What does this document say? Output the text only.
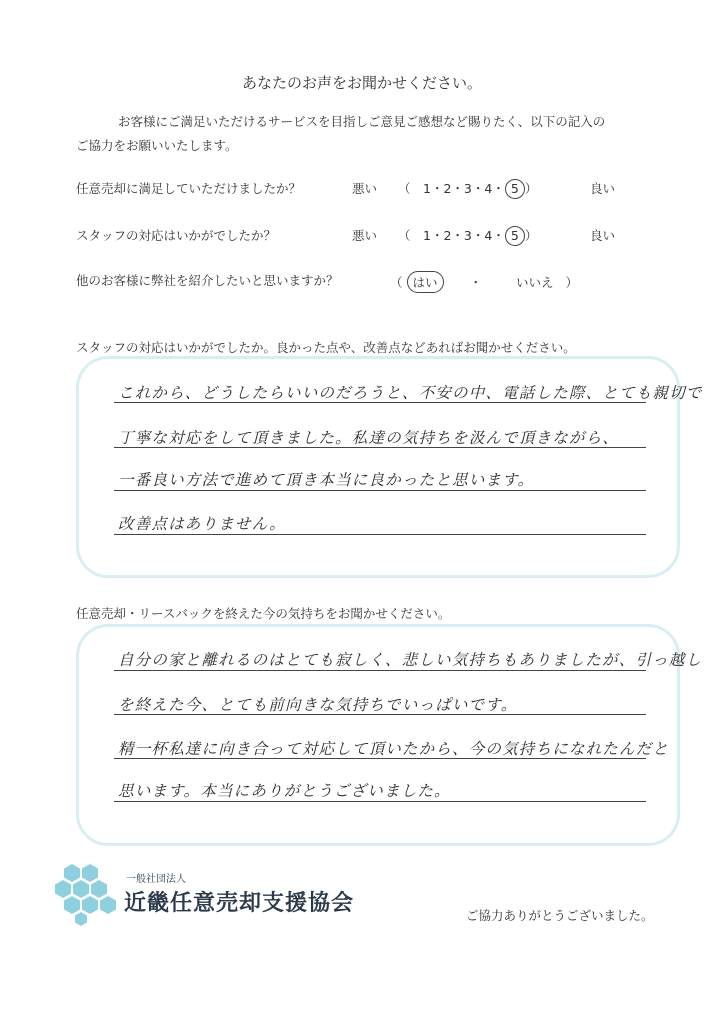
あなたのお声をお聞かせください。
お客様にご満足いただけるサービスを目指しご意見ご感想など賜りたく、以下の記入の
ご協力をお願いいたします。
任意売却に満足していただけましたか？	悪い （　1・2・3・4・ 5 ）	良い
スタッフの対応はいかがでしたか？	悪い （　1・2・3・4・ 5 ）	良い
他のお客様に弊社を紹介したいと思いますか？	（ はい	・	いいえ ）
スタッフの対応はいかがでしたか。良かった点や、改善点などあればお聞かせください。
これから、どうしたらいいのだろうと、不安の中、電話した際、とても親切で
丁寧な対応をして頂きました。私達の気持ちを汲んで頂きながら、
一番良い方法で進めて頂き本当に良かったと思います。
改善点はありません。
任意売却・リースバックを終えた今の気持ちをお聞かせください。
自分の家と離れるのはとても寂しく、悲しい気持ちもありましたが、引っ越し
を終えた今、とても前向きな気持ちでいっぱいです。
精一杯私達に向き合って対応して頂いたから、今の気持ちになれたんだと
思います。本当にありがとうございました。
一般社団法人
近畿任意売却支援協会	ご協力ありがとうございました。
